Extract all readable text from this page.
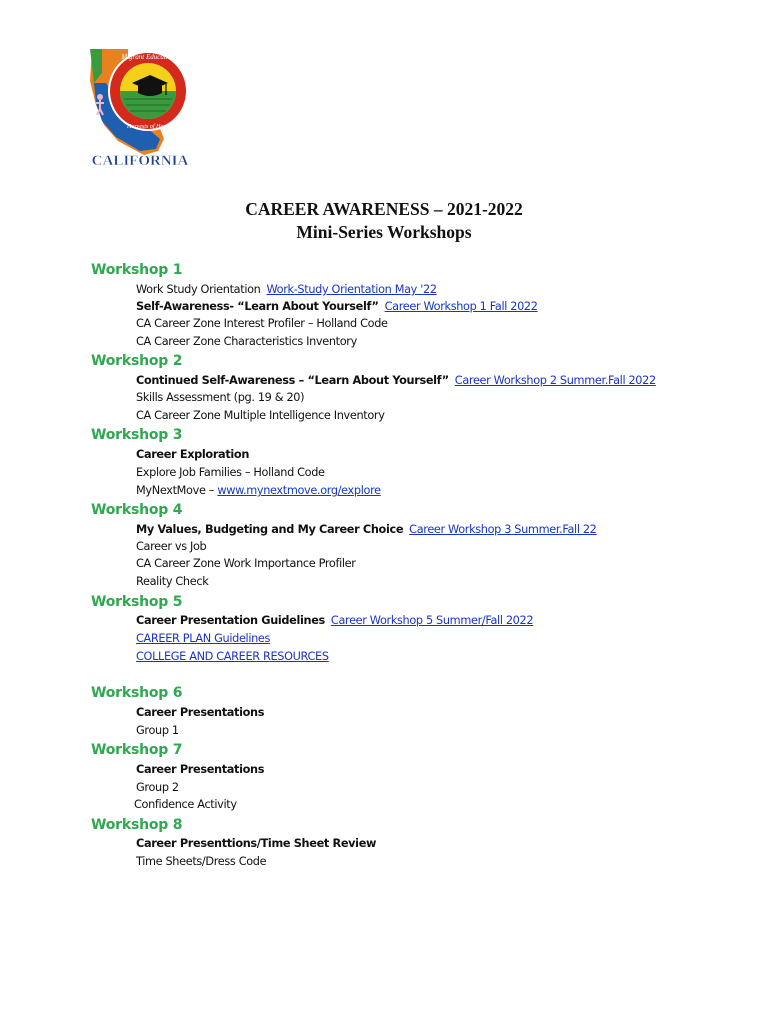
Migrant Education
Harvests of Hope
CALIFORNIA
CAREER AWARENESS – 2021-2022
Mini-Series Workshops
Workshop 1
Work Study Orientation Work-Study Orientation May '22
Self-Awareness- “Learn About Yourself” Career Workshop 1 Fall 2022
CA Career Zone Interest Profiler – Holland Code
CA Career Zone Characteristics Inventory
Workshop 2
Continued Self-Awareness – “Learn About Yourself” Career Workshop 2 Summer.Fall 2022
Skills Assessment (pg. 19 & 20)
CA Career Zone Multiple Intelligence Inventory
Workshop 3
Career Exploration
Explore Job Families – Holland Code
MyNextMove – www.mynextmove.org/explore
Workshop 4
My Values, Budgeting and My Career Choice Career Workshop 3 Summer.Fall 22
Career vs Job
CA Career Zone Work Importance Profiler
Reality Check
Workshop 5
Career Presentation Guidelines Career Workshop 5 Summer/Fall 2022
CAREER PLAN Guidelines
COLLEGE AND CAREER RESOURCES
Workshop 6
Career Presentations
Group 1
Workshop 7
Career Presentations
Group 2
Confidence Activity
Workshop 8
Career Presenttions/Time Sheet Review
Time Sheets/Dress Code
